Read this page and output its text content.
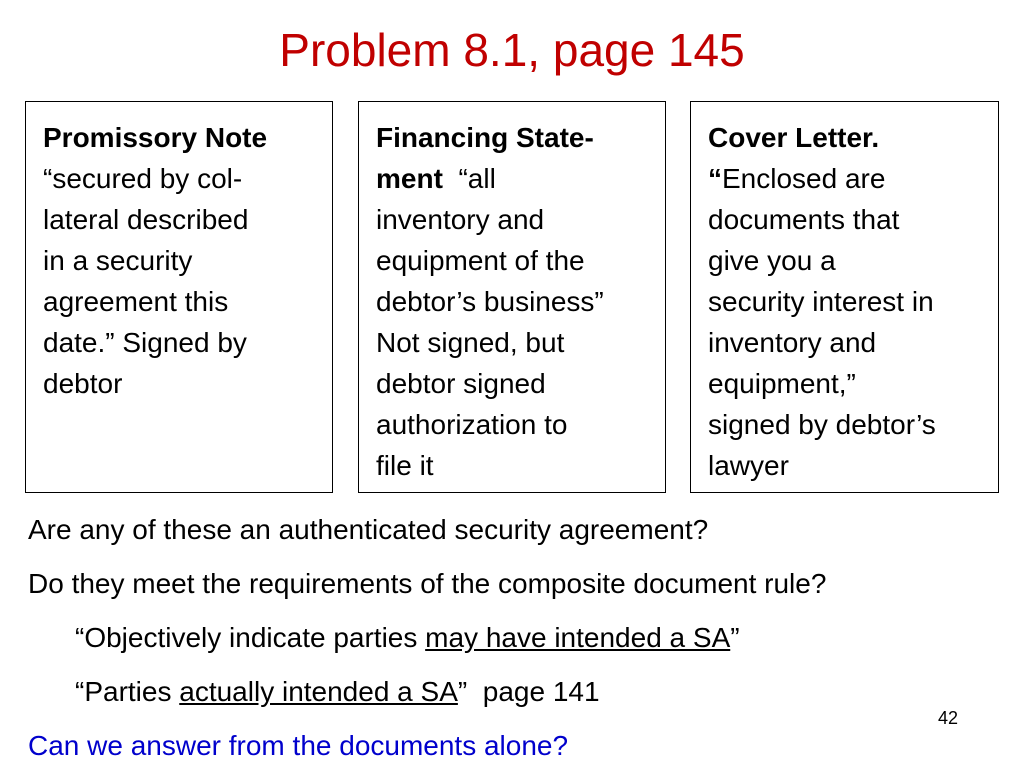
Problem 8.1, page 145
Promissory Note
“secured by col-
lateral described
in a security
agreement this
date.” Signed by
debtor
Financing State-
ment  “all
inventory and
equipment of the
debtor’s business”
Not signed, but
debtor signed
authorization to
file it
Cover Letter.
“Enclosed are
documents that
give you a
security interest in
inventory and
equipment,”
signed by debtor’s
lawyer
Are any of these an authenticated security agreement?
Do they meet the requirements of the composite document rule?
“Objectively indicate parties may have intended a SA”
“Parties actually intended a SA”  page 141
Can we answer from the documents alone?
42
